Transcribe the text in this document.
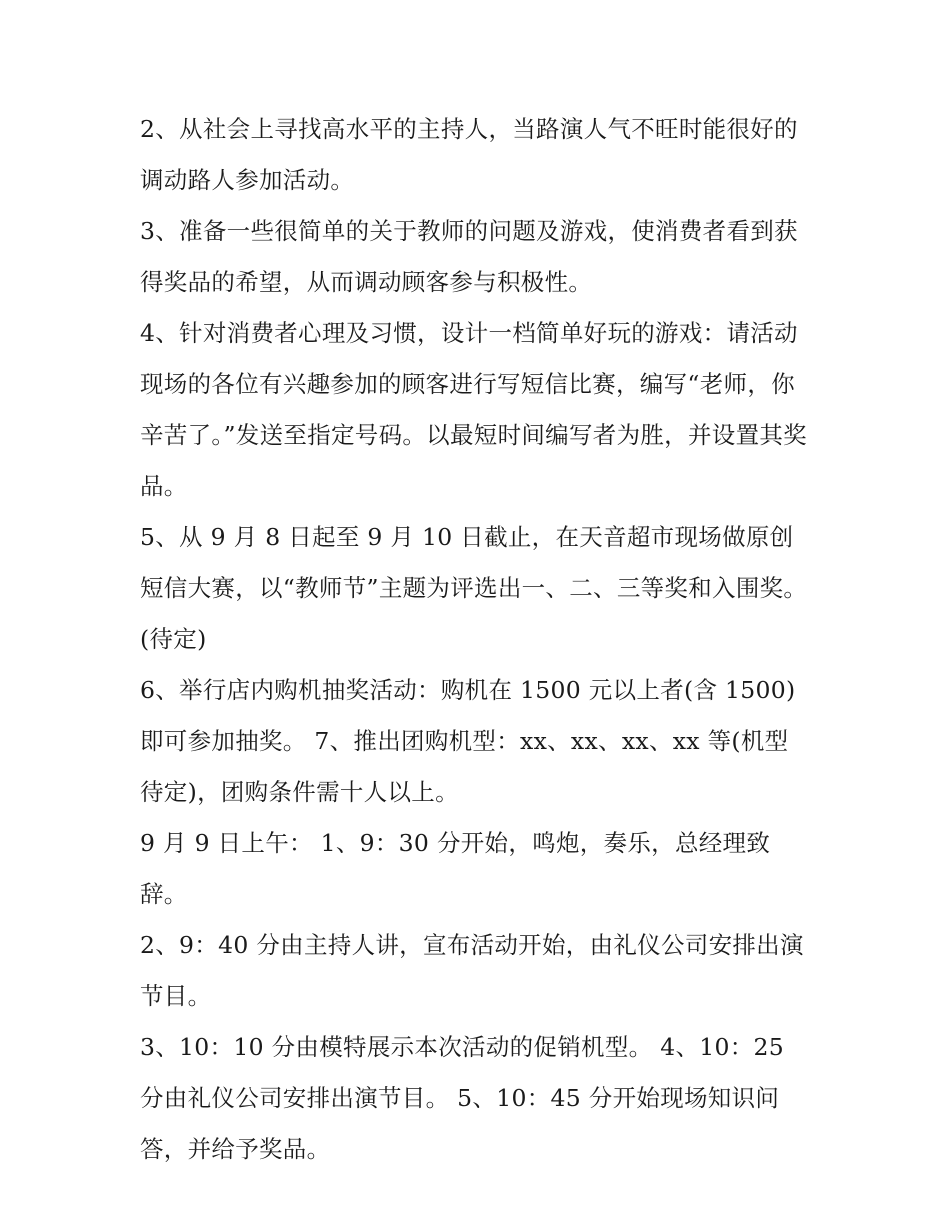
2、从社会上寻找高水平的主持人，当路演人气不旺时能很好的调动路人参加活动。

3、准备一些很简单的关于教师的问题及游戏，使消费者看到获得奖品的希望，从而调动顾客参与积极性。

4、针对消费者心理及习惯，设计一档简单好玩的游戏：请活动现场的各位有兴趣参加的顾客进行写短信比赛，编写“老师，你辛苦了。”发送至指定号码。以最短时间编写者为胜，并设置其奖品。

5、从 9 月 8 日起至 9 月 10 日截止，在天音超市现场做原创短信大赛，以“教师节”主题为评选出一、二、三等奖和入围奖。(待定)

6、举行店内购机抽奖活动：购机在 1500 元以上者(含 1500)即可参加抽奖。 7、推出团购机型：xx、xx、xx、xx 等(机型待定)，团购条件需十人以上。

9 月 9 日上午： 1、9：30 分开始，鸣炮，奏乐，总经理致辞。

2、9：40 分由主持人讲，宣布活动开始，由礼仪公司安排出演节目。

3、10：10 分由模特展示本次活动的促销机型。 4、10：25 分由礼仪公司安排出演节目。 5、10：45 分开始现场知识问答，并给予奖品。
